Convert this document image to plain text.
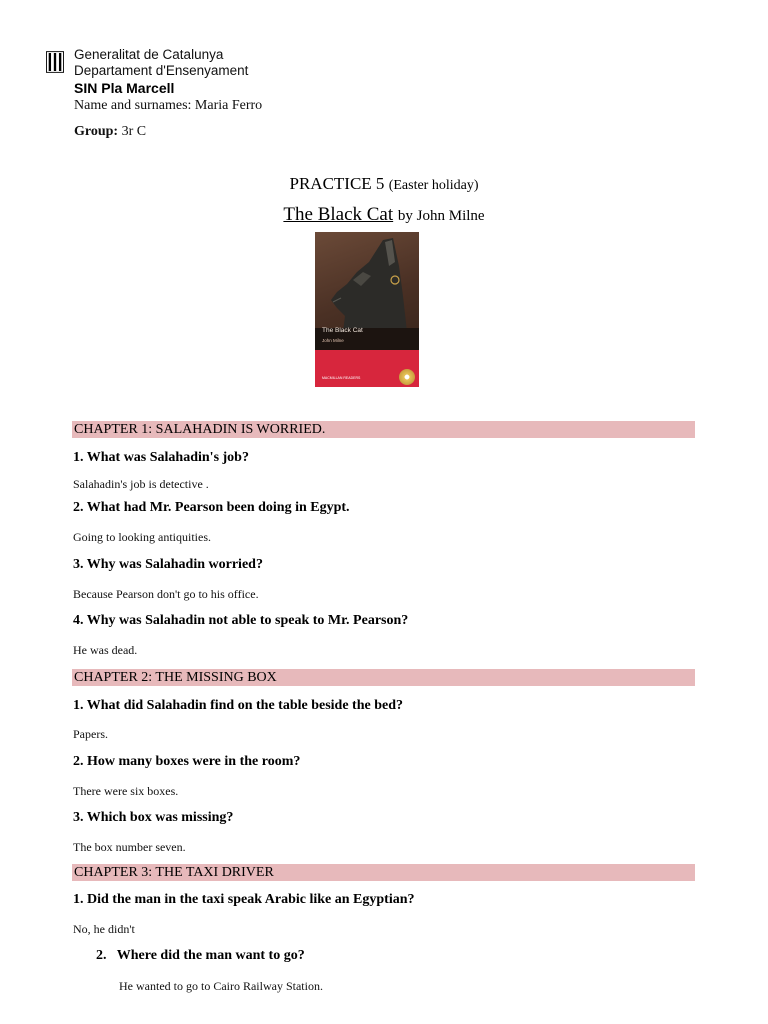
Generalitat de Catalunya
Departament d'Ensenyament
SIN Pla Marcell
Name and surnames: Maria Ferro
Group: 3r C
PRACTICE 5 (Easter holiday)
The Black Cat by John Milne
The Black Cat
John Milne
MACMILLAN READERS
CHAPTER 1: SALAHADIN IS WORRIED.
1. What was Salahadin's job?
Salahadin's job is detective .
2. What had Mr. Pearson been doing in Egypt.
Going to looking antiquities.
3. Why was Salahadin worried?
Because Pearson don't go to his office.
4. Why was Salahadin not able to speak to Mr. Pearson?
He was dead.
CHAPTER 2: THE MISSING BOX
1. What did Salahadin find on the table beside the bed?
Papers.
2. How many boxes were in the room?
There were six boxes.
3. Which box was missing?
The box number seven.
CHAPTER 3: THE TAXI DRIVER
1. Did the man in the taxi speak Arabic like an Egyptian?
No, he didn't
2.   Where did the man want to go?
He wanted to go to Cairo Railway Station.
